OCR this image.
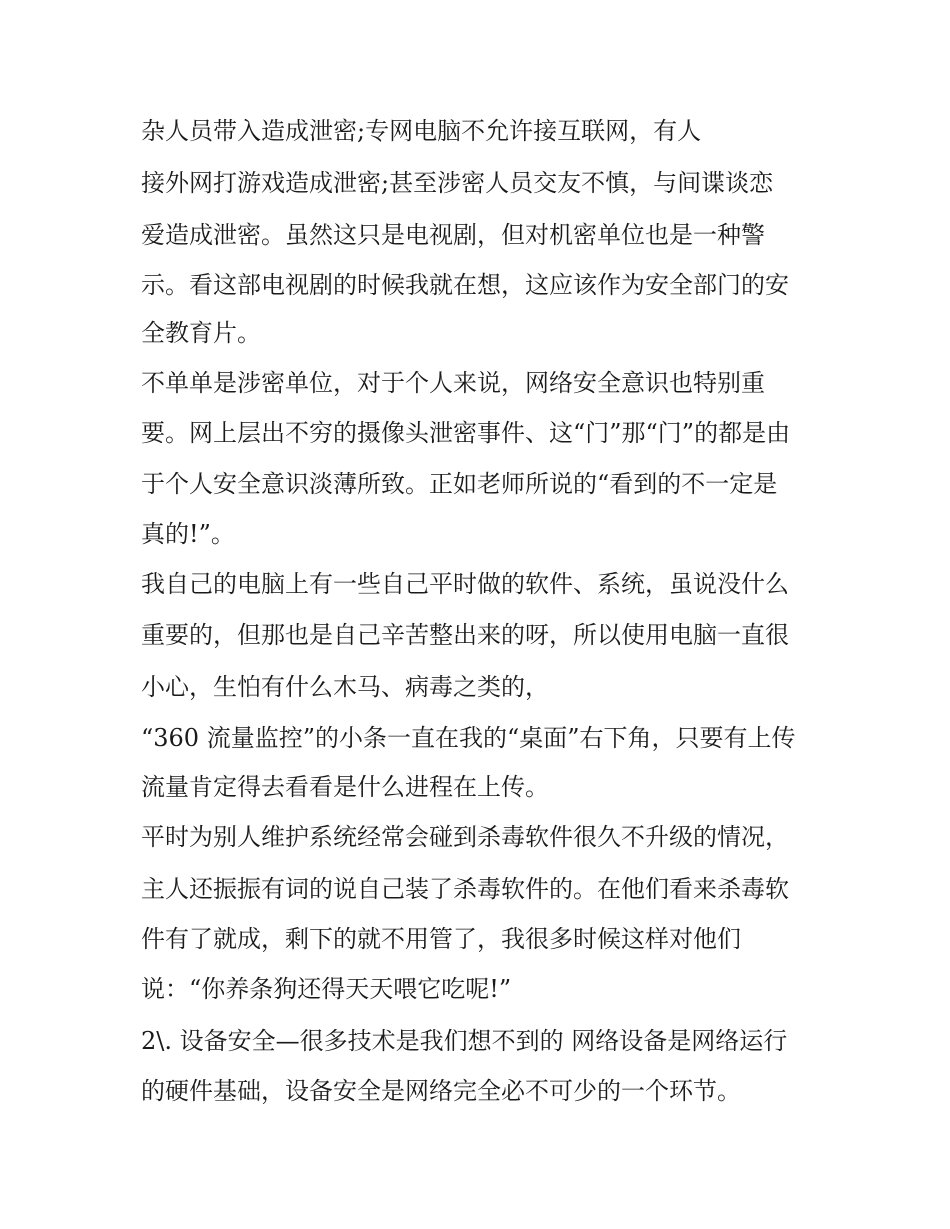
杂人员带入造成泄密;专网电脑不允许接互联网，有人
接外网打游戏造成泄密;甚至涉密人员交友不慎，与间谍谈恋
爱造成泄密。虽然这只是电视剧，但对机密单位也是一种警
示。看这部电视剧的时候我就在想，这应该作为安全部门的安
全教育片。
不单单是涉密单位，对于个人来说，网络安全意识也特别重
要。网上层出不穷的摄像头泄密事件、这“门”那“门”的都是由
于个人安全意识淡薄所致。正如老师所说的“看到的不一定是
真的!”。
我自己的电脑上有一些自己平时做的软件、系统，虽说没什么
重要的，但那也是自己辛苦整出来的呀，所以使用电脑一直很
小心，生怕有什么木马、病毒之类的，
“360 流量监控”的小条一直在我的“桌面”右下角，只要有上传
流量肯定得去看看是什么进程在上传。
平时为别人维护系统经常会碰到杀毒软件很久不升级的情况，
主人还振振有词的说自己装了杀毒软件的。在他们看来杀毒软
件有了就成，剩下的就不用管了，我很多时候这样对他们
说：“你养条狗还得天天喂它吃呢!”
2\. 设备安全—很多技术是我们想不到的 网络设备是网络运行
的硬件基础，设备安全是网络完全必不可少的一个环节。
